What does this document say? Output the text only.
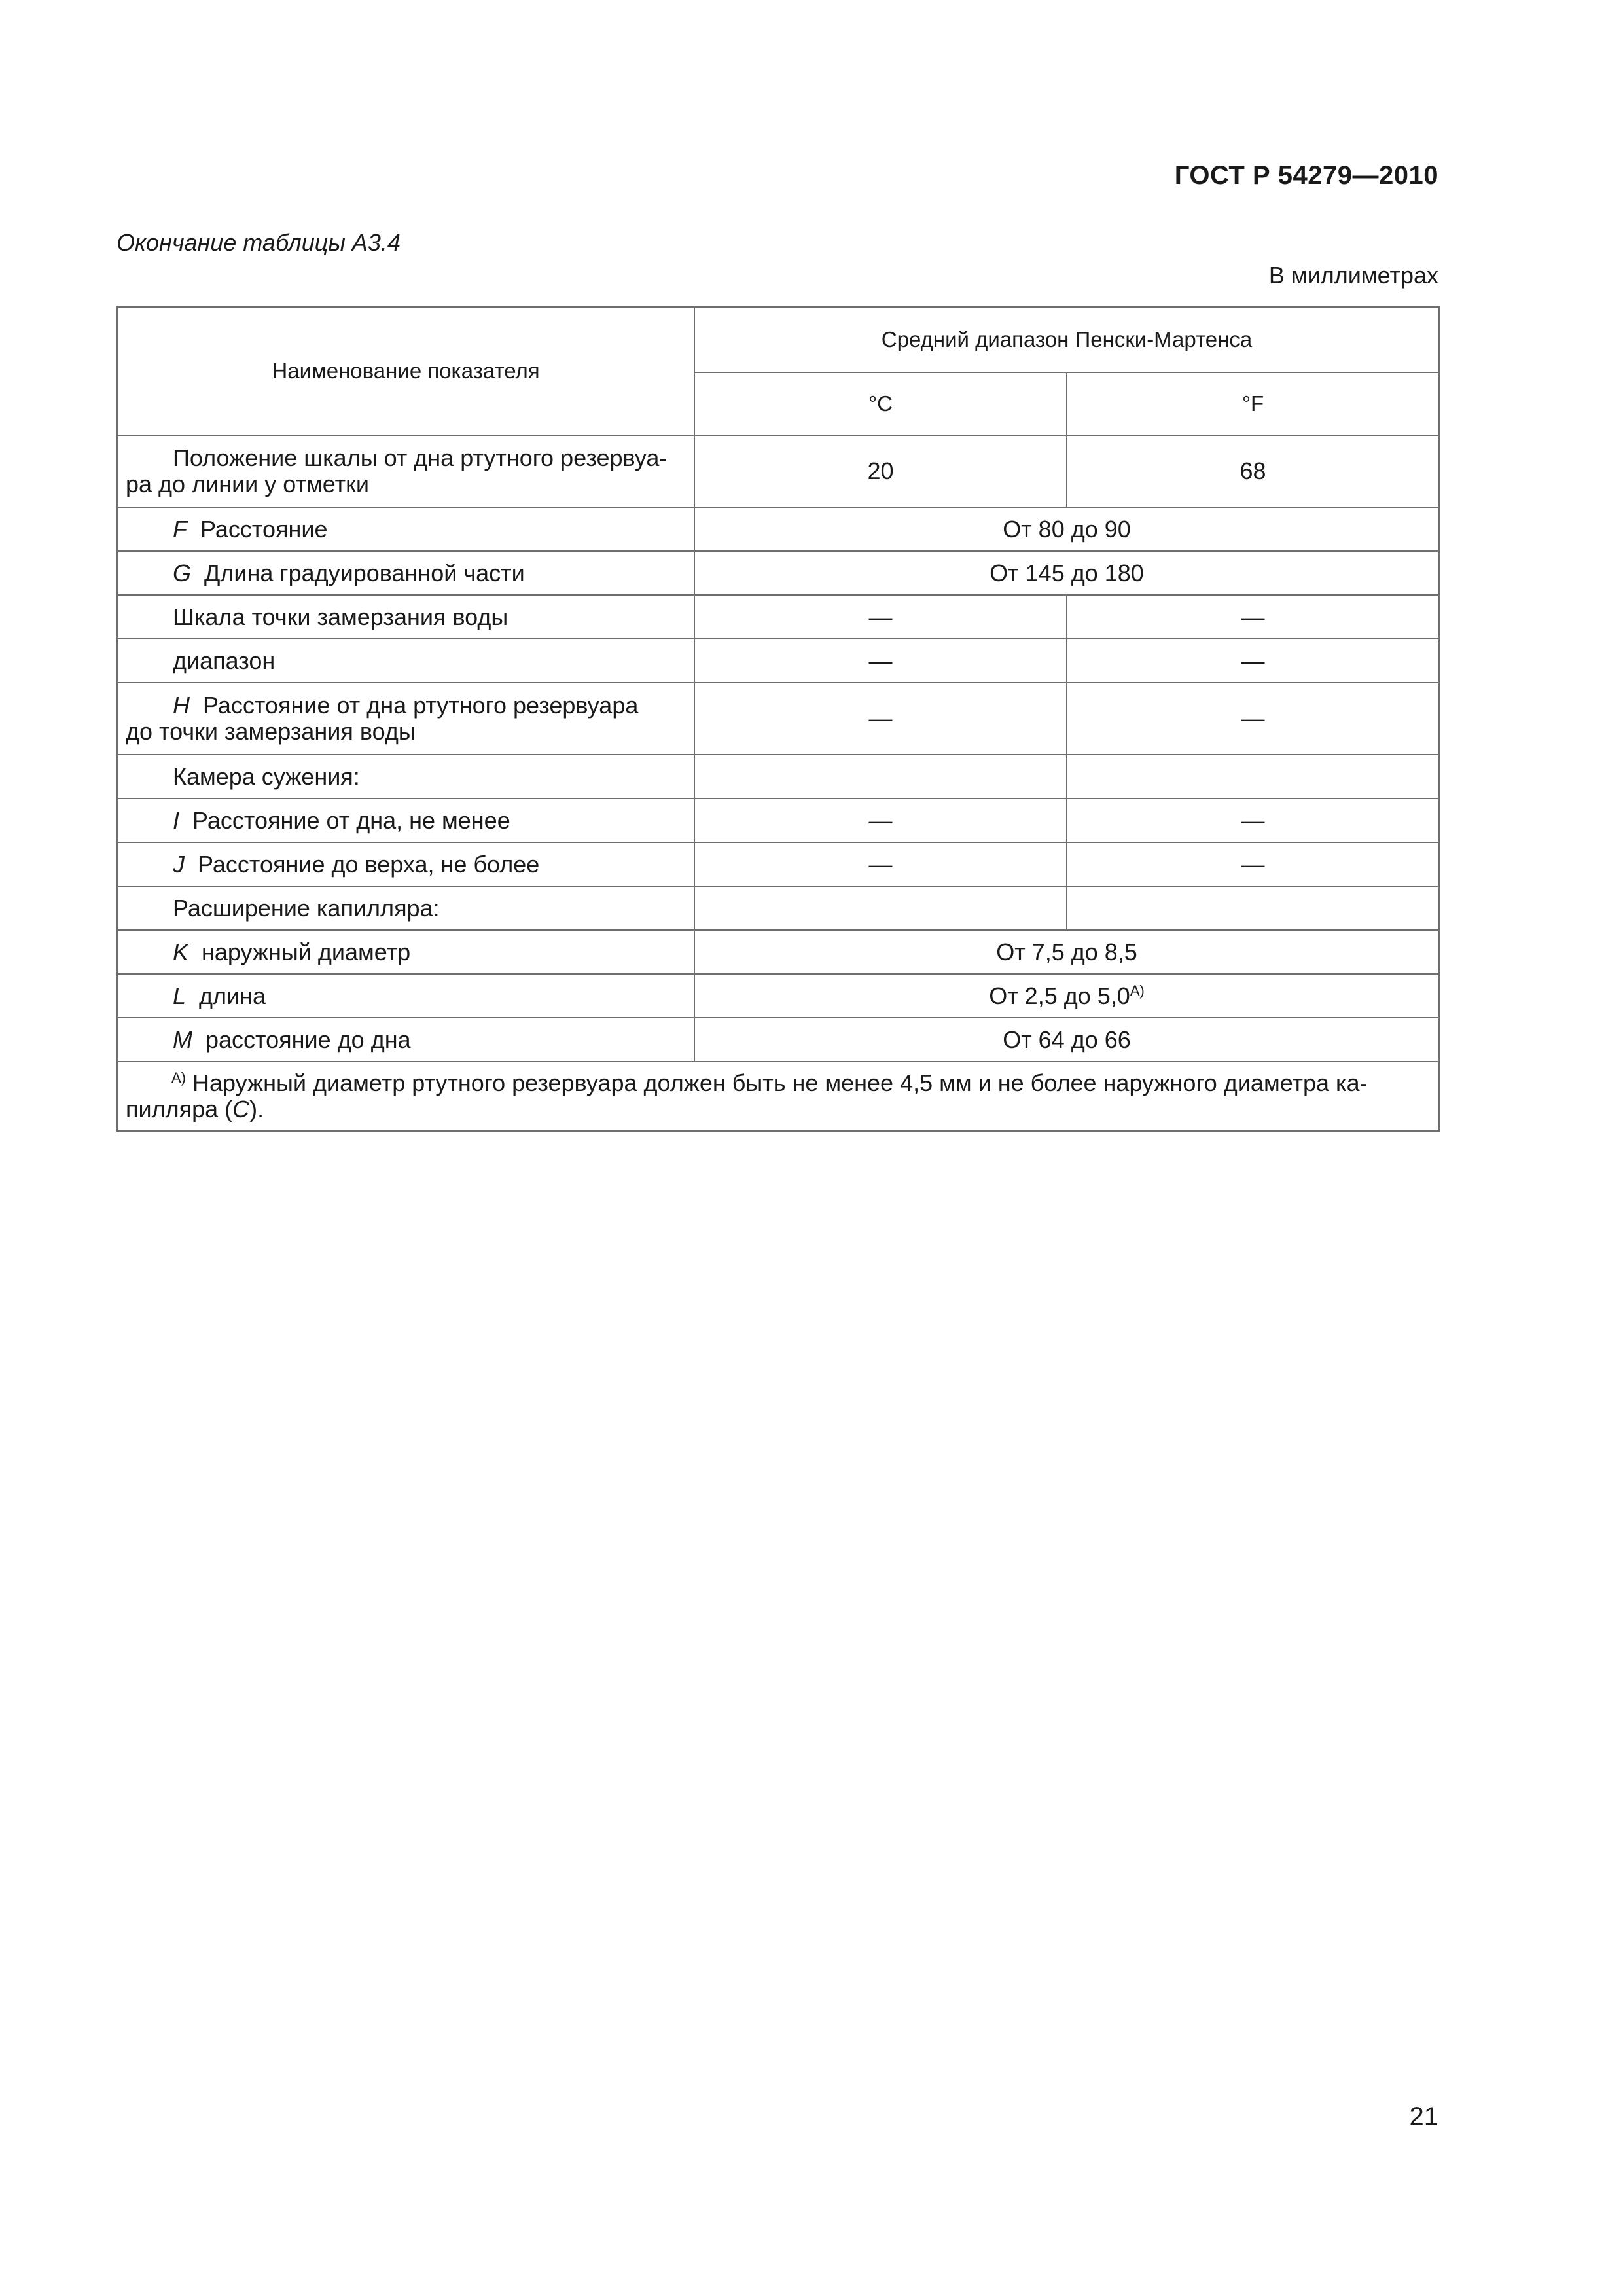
ГОСТ Р 54279—2010
Окончание таблицы А3.4
В миллиметрах
Наименование показателя	Средний диапазон Пенски-Мартенса	
	°С	°F

Положение шкалы от дна ртутного резервуа-
ра до линии у отметки	20	68
F Расстояние	От 80 до 90	
G Длина градуированной части	От 145 до 180	
Шкала точки замерзания воды	—	—
диапазон	—	—

H Расстояние от дна ртутного резервуара
до точки замерзания воды	—	—
Камера сужения:		
I Расстояние от дна, не менее	—	—
J Расстояние до верха, не более	—	—
Расширение капилляра:		
K наружный диаметр	От 7,5 до 8,5	
L длина	От 2,5 до $5,0^{А)}$
M расстояние до дна	От 64 до 66	

$^{А)}$ Наружный диаметр ртутного резервуара должен быть не менее 4,5 мм и не более наружного диаметра ка-
пилляра (С).		
21
